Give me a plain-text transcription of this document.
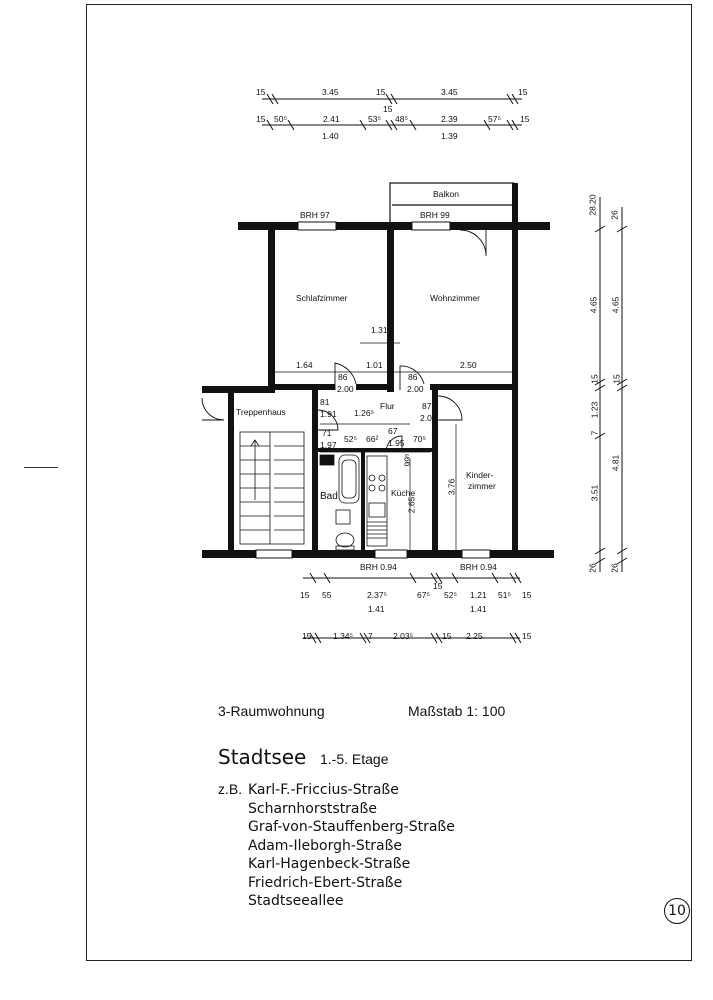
Balkon
Schlafzimmer	Wohnzimmer
Treppenhaus
Flur
Bad	Küche
Kinder-
zimmer
BRH 97	BRH 99
BRH 0.94	BRH 0.94
15	3.45	15	3.45	15
15 50⁵	2.41	53⁵
15
48⁵	2.39	57⁵ 15
1.40	1.39
15 55	2.37⁵	67⁵
15
52⁵ 1.21 51⁵ 15
1.41	1.41
15	1.34⁵ 7 2.03⁵	15 2.25	15
28.20
4.65
15
1.23
7
3.51
26
26
4.65
15
4.81
26
1.31
1.64	1.01	2.50
86
2.00
86
2.00
81
1.91 1.26⁵
87
2.00
71
1.97
52⁵ 66²
67
1.95 70⁵
99⁵
2.65
3.76
3-Raumwohnung	Maßstab 1: 100
Stadtsee 1.-5. Etage
z.B. Karl-F.-Friccius-Straße
Scharnhorststraße
Graf-von-Stauffenberg-Straße
Adam-Ileborgh-Straße
Karl-Hagenbeck-Straße
Friedrich-Ebert-Straße
Stadtseeallee
10
